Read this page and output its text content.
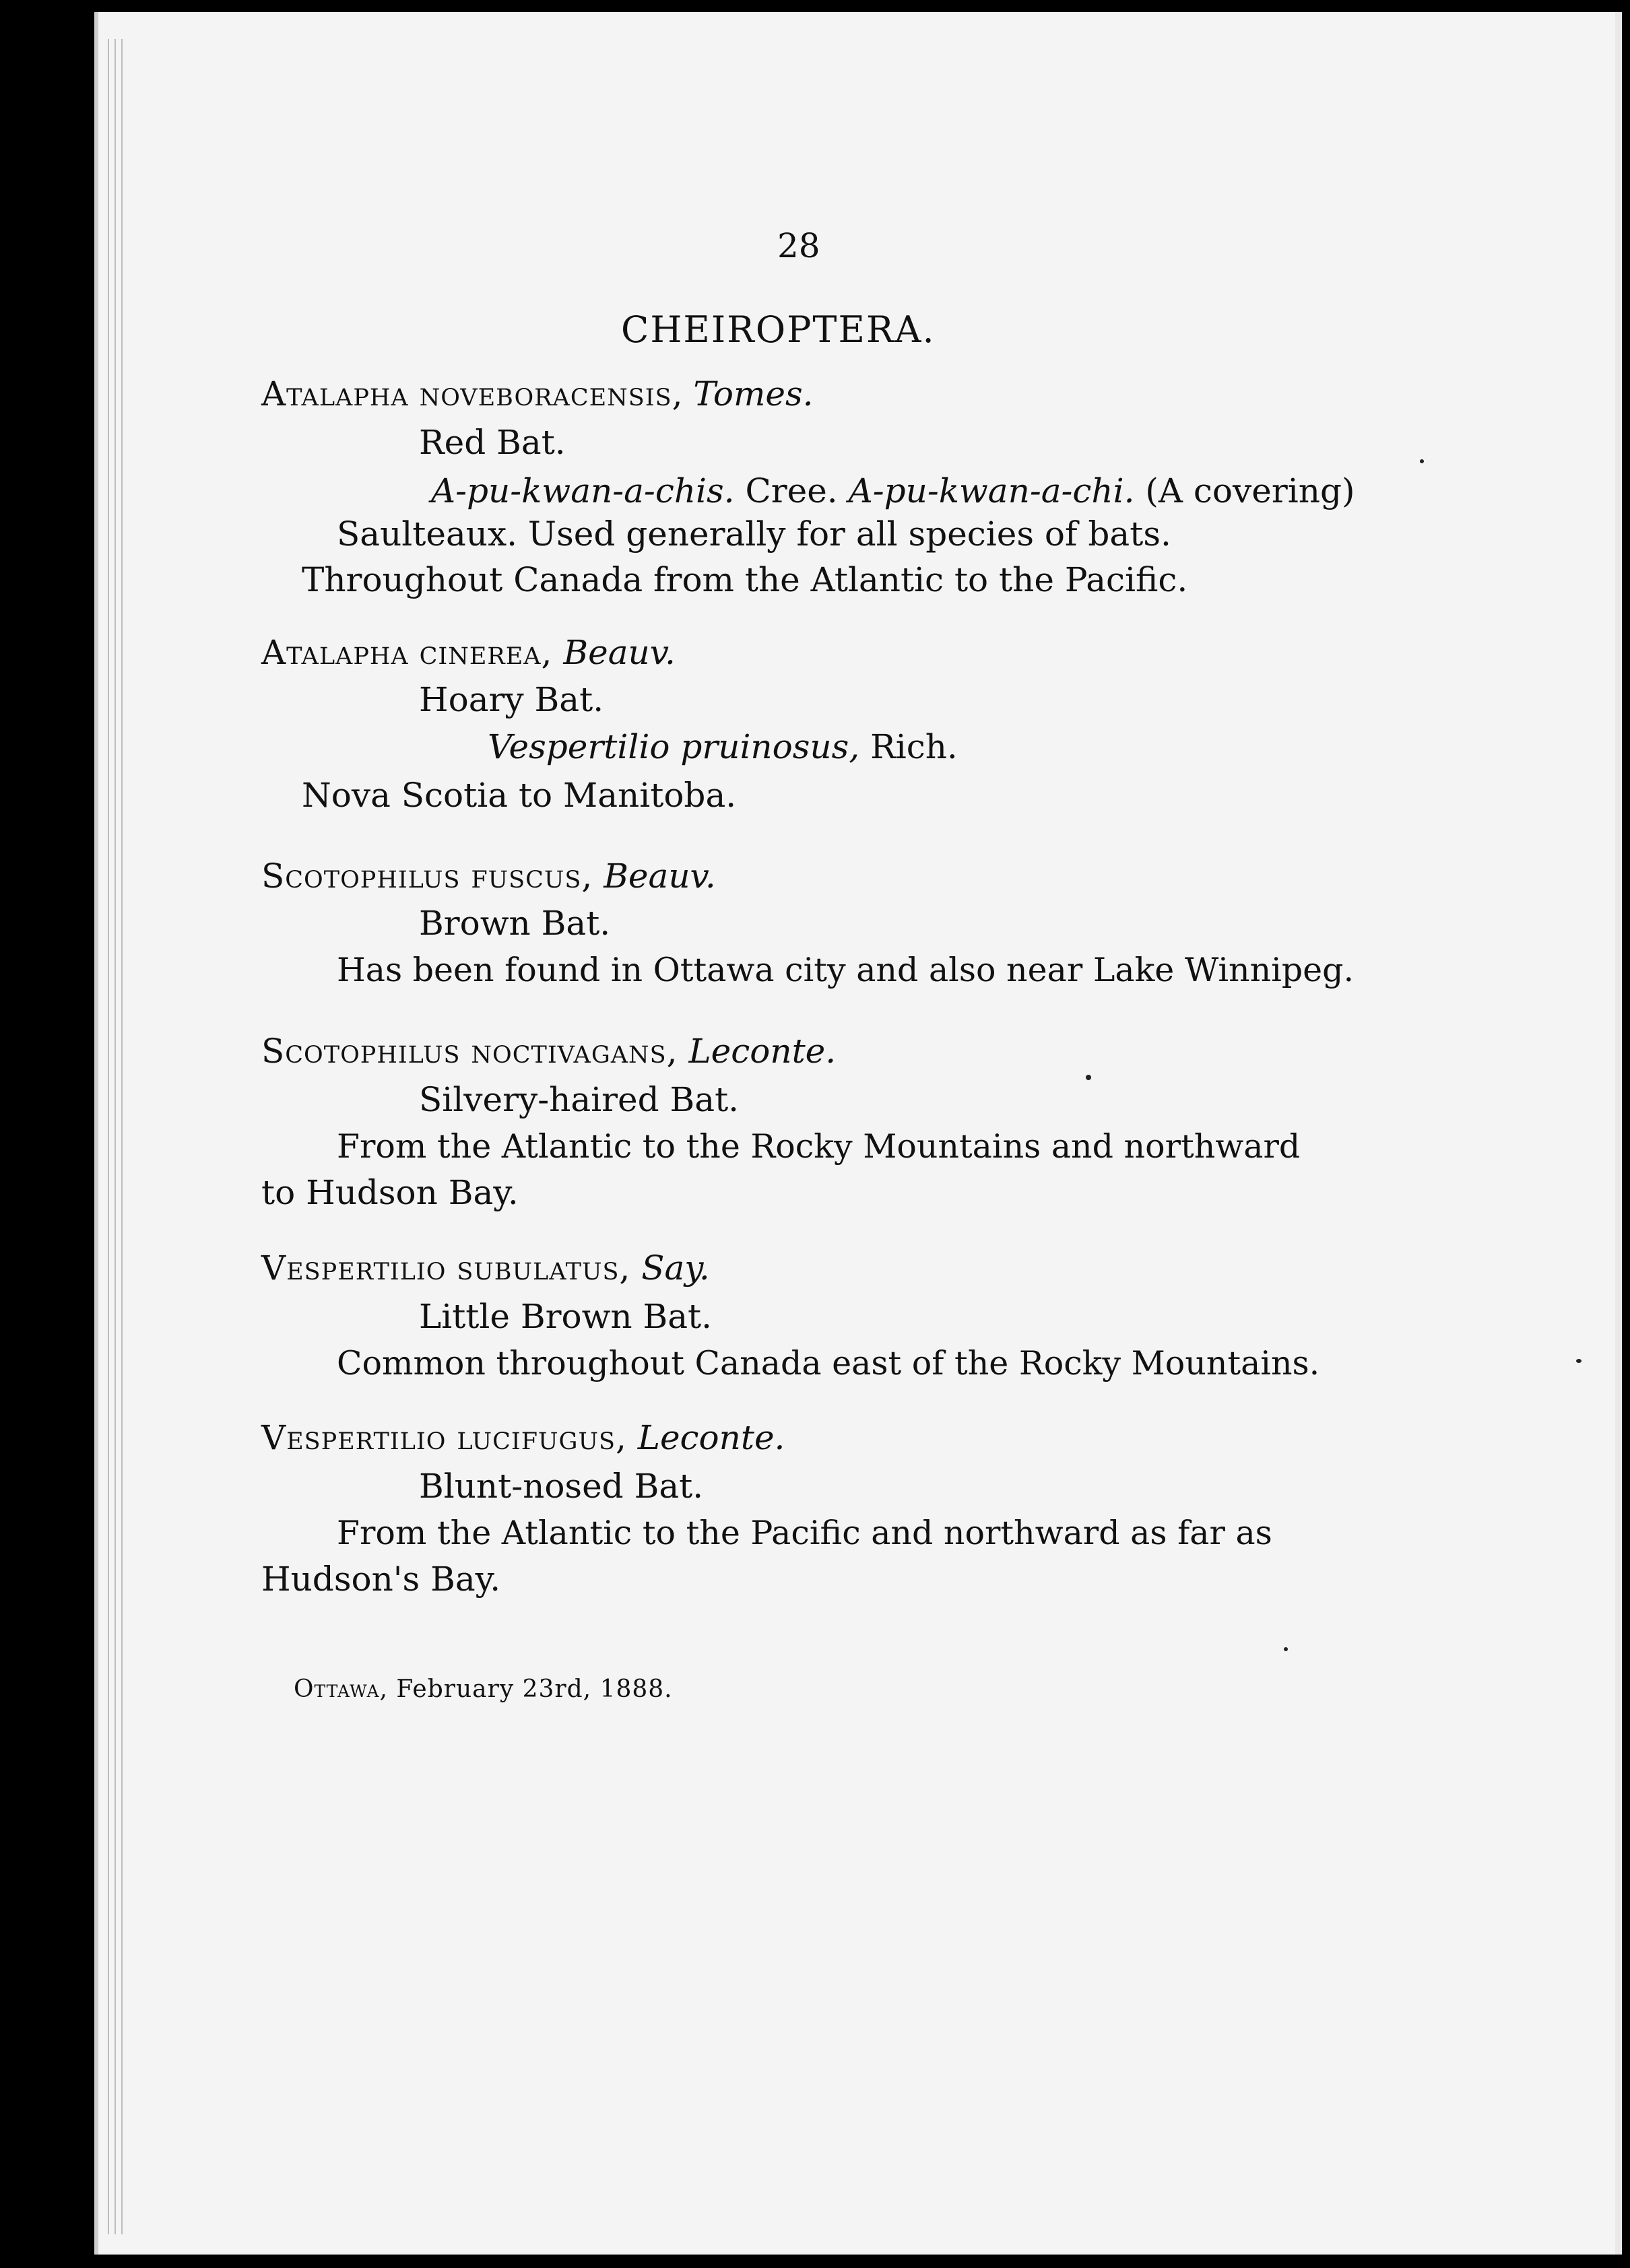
28
CHEIROPTERA.
Atalapha noveboracensis, Tomes.
Red Bat.
A-pu-kwan-a-chis. Cree. A-pu-kwan-a-chi. (A covering)
Saulteaux. Used generally for all species of bats.
Throughout Canada from the Atlantic to the Pacific.
Atalapha cinerea, Beauv.
Hoary Bat.
Vespertilio pruinosus, Rich.
Nova Scotia to Manitoba.
Scotophilus fuscus, Beauv.
Brown Bat.
Has been found in Ottawa city and also near Lake Winnipeg.
Scotophilus noctivagans, Leconte.
Silvery-haired Bat.
From the Atlantic to the Rocky Mountains and northward
to Hudson Bay.
Vespertilio subulatus, Say.
Little Brown Bat.
Common throughout Canada east of the Rocky Mountains.
Vespertilio lucifugus, Leconte.
Blunt-nosed Bat.
From the Atlantic to the Pacific and northward as far as
Hudson's Bay.
Ottawa, February 23rd, 1888.
